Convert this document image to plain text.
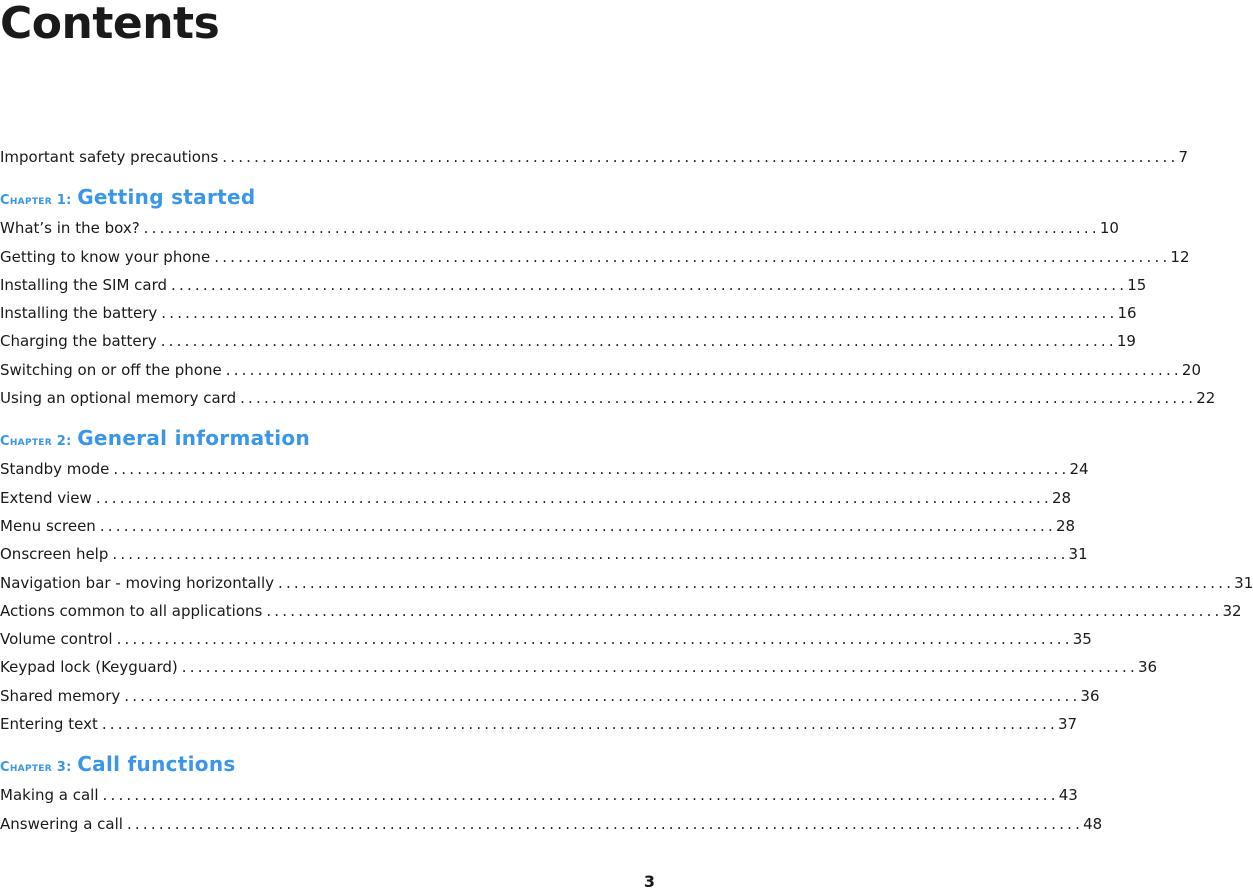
Contents
Important safety precautions ........................................................................................................................ 7
Chapter 1: Getting started
What’s in the box? ........................................................................................................................ 10
Getting to know your phone ........................................................................................................................ 12
Installing the SIM card ........................................................................................................................ 15
Installing the battery ........................................................................................................................ 16
Charging the battery ........................................................................................................................ 19
Switching on or off the phone ........................................................................................................................ 20
Using an optional memory card ........................................................................................................................ 22
Chapter 2: General information
Standby mode ........................................................................................................................ 24
Extend view ........................................................................................................................ 28
Menu screen ........................................................................................................................ 28
Onscreen help ........................................................................................................................ 31
Navigation bar - moving horizontally ........................................................................................................................ 31
Actions common to all applications ........................................................................................................................ 32
Volume control ........................................................................................................................ 35
Keypad lock (Keyguard) ........................................................................................................................ 36
Shared memory ........................................................................................................................ 36
Entering text ........................................................................................................................ 37
Chapter 3: Call functions
Making a call ........................................................................................................................ 43
Answering a call ........................................................................................................................ 48
3
